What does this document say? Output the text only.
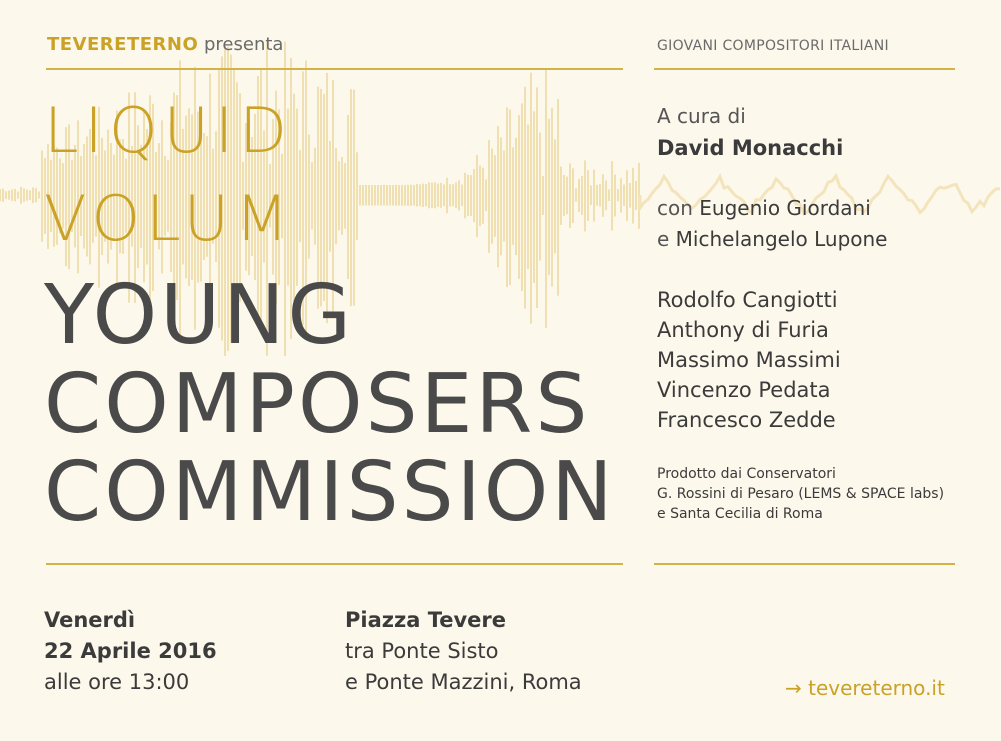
TEVERETERNO presenta	GIOVANI COMPOSITORI ITALIANI
LIQUID
VOLUM
YOUNG
COMPOSERS
COMMISSION
A cura di
David Monacchi
con Eugenio Giordani
e Michelangelo Lupone
Rodolfo Cangiotti
Anthony di Furia
Massimo Massimi
Vincenzo Pedata
Francesco Zedde
Prodotto dai Conservatori
G. Rossini di Pesaro (LEMS & SPACE labs)
e Santa Cecilia di Roma
Venerdì
22 Aprile 2016
alle ore 13:00
Piazza Tevere
tra Ponte Sisto
e Ponte Mazzini, Roma	→ tevereterno.it
